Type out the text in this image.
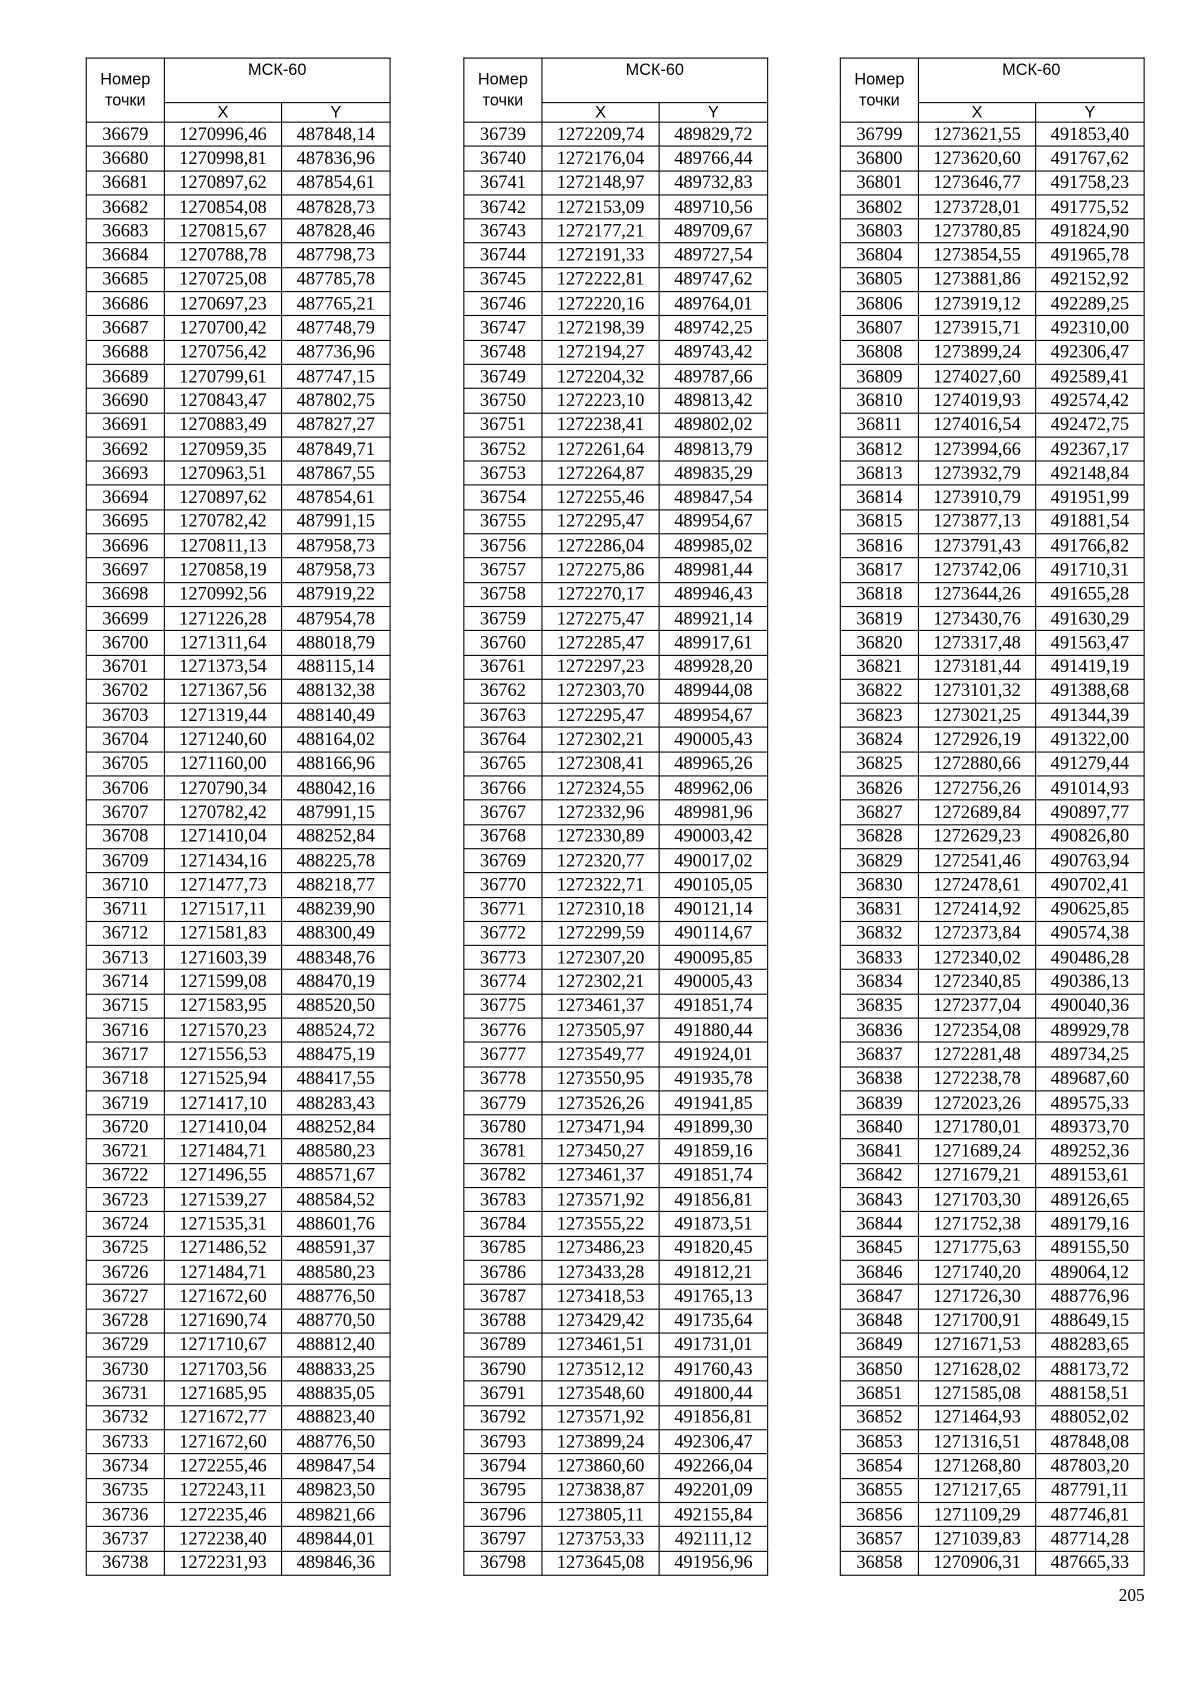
Номер точки	МСК-60	
	X	Y
36679	1270996,46	487848,14
36680	1270998,81	487836,96
36681	1270897,62	487854,61
36682	1270854,08	487828,73
36683	1270815,67	487828,46
36684	1270788,78	487798,73
36685	1270725,08	487785,78
36686	1270697,23	487765,21
36687	1270700,42	487748,79
36688	1270756,42	487736,96
36689	1270799,61	487747,15
36690	1270843,47	487802,75
36691	1270883,49	487827,27
36692	1270959,35	487849,71
36693	1270963,51	487867,55
36694	1270897,62	487854,61
36695	1270782,42	487991,15
36696	1270811,13	487958,73
36697	1270858,19	487958,73
36698	1270992,56	487919,22
36699	1271226,28	487954,78
36700	1271311,64	488018,79
36701	1271373,54	488115,14
36702	1271367,56	488132,38
36703	1271319,44	488140,49
36704	1271240,60	488164,02
36705	1271160,00	488166,96
36706	1270790,34	488042,16
36707	1270782,42	487991,15
36708	1271410,04	488252,84
36709	1271434,16	488225,78
36710	1271477,73	488218,77
36711	1271517,11	488239,90
36712	1271581,83	488300,49
36713	1271603,39	488348,76
36714	1271599,08	488470,19
36715	1271583,95	488520,50
36716	1271570,23	488524,72
36717	1271556,53	488475,19
36718	1271525,94	488417,55
36719	1271417,10	488283,43
36720	1271410,04	488252,84
36721	1271484,71	488580,23
36722	1271496,55	488571,67
36723	1271539,27	488584,52
36724	1271535,31	488601,76
36725	1271486,52	488591,37
36726	1271484,71	488580,23
36727	1271672,60	488776,50
36728	1271690,74	488770,50
36729	1271710,67	488812,40
36730	1271703,56	488833,25
36731	1271685,95	488835,05
36732	1271672,77	488823,40
36733	1271672,60	488776,50
36734	1272255,46	489847,54
36735	1272243,11	489823,50
36736	1272235,46	489821,66
36737	1272238,40	489844,01
36738	1272231,93	489846,36
Номер точки	МСК-60	
	X	Y
36739	1272209,74	489829,72
36740	1272176,04	489766,44
36741	1272148,97	489732,83
36742	1272153,09	489710,56
36743	1272177,21	489709,67
36744	1272191,33	489727,54
36745	1272222,81	489747,62
36746	1272220,16	489764,01
36747	1272198,39	489742,25
36748	1272194,27	489743,42
36749	1272204,32	489787,66
36750	1272223,10	489813,42
36751	1272238,41	489802,02
36752	1272261,64	489813,79
36753	1272264,87	489835,29
36754	1272255,46	489847,54
36755	1272295,47	489954,67
36756	1272286,04	489985,02
36757	1272275,86	489981,44
36758	1272270,17	489946,43
36759	1272275,47	489921,14
36760	1272285,47	489917,61
36761	1272297,23	489928,20
36762	1272303,70	489944,08
36763	1272295,47	489954,67
36764	1272302,21	490005,43
36765	1272308,41	489965,26
36766	1272324,55	489962,06
36767	1272332,96	489981,96
36768	1272330,89	490003,42
36769	1272320,77	490017,02
36770	1272322,71	490105,05
36771	1272310,18	490121,14
36772	1272299,59	490114,67
36773	1272307,20	490095,85
36774	1272302,21	490005,43
36775	1273461,37	491851,74
36776	1273505,97	491880,44
36777	1273549,77	491924,01
36778	1273550,95	491935,78
36779	1273526,26	491941,85
36780	1273471,94	491899,30
36781	1273450,27	491859,16
36782	1273461,37	491851,74
36783	1273571,92	491856,81
36784	1273555,22	491873,51
36785	1273486,23	491820,45
36786	1273433,28	491812,21
36787	1273418,53	491765,13
36788	1273429,42	491735,64
36789	1273461,51	491731,01
36790	1273512,12	491760,43
36791	1273548,60	491800,44
36792	1273571,92	491856,81
36793	1273899,24	492306,47
36794	1273860,60	492266,04
36795	1273838,87	492201,09
36796	1273805,11	492155,84
36797	1273753,33	492111,12
36798	1273645,08	491956,96
Номер точки	МСК-60	
	X	Y
36799	1273621,55	491853,40
36800	1273620,60	491767,62
36801	1273646,77	491758,23
36802	1273728,01	491775,52
36803	1273780,85	491824,90
36804	1273854,55	491965,78
36805	1273881,86	492152,92
36806	1273919,12	492289,25
36807	1273915,71	492310,00
36808	1273899,24	492306,47
36809	1274027,60	492589,41
36810	1274019,93	492574,42
36811	1274016,54	492472,75
36812	1273994,66	492367,17
36813	1273932,79	492148,84
36814	1273910,79	491951,99
36815	1273877,13	491881,54
36816	1273791,43	491766,82
36817	1273742,06	491710,31
36818	1273644,26	491655,28
36819	1273430,76	491630,29
36820	1273317,48	491563,47
36821	1273181,44	491419,19
36822	1273101,32	491388,68
36823	1273021,25	491344,39
36824	1272926,19	491322,00
36825	1272880,66	491279,44
36826	1272756,26	491014,93
36827	1272689,84	490897,77
36828	1272629,23	490826,80
36829	1272541,46	490763,94
36830	1272478,61	490702,41
36831	1272414,92	490625,85
36832	1272373,84	490574,38
36833	1272340,02	490486,28
36834	1272340,85	490386,13
36835	1272377,04	490040,36
36836	1272354,08	489929,78
36837	1272281,48	489734,25
36838	1272238,78	489687,60
36839	1272023,26	489575,33
36840	1271780,01	489373,70
36841	1271689,24	489252,36
36842	1271679,21	489153,61
36843	1271703,30	489126,65
36844	1271752,38	489179,16
36845	1271775,63	489155,50
36846	1271740,20	489064,12
36847	1271726,30	488776,96
36848	1271700,91	488649,15
36849	1271671,53	488283,65
36850	1271628,02	488173,72
36851	1271585,08	488158,51
36852	1271464,93	488052,02
36853	1271316,51	487848,08
36854	1271268,80	487803,20
36855	1271217,65	487791,11
36856	1271109,29	487746,81
36857	1271039,83	487714,28
36858	1270906,31	487665,33
205
